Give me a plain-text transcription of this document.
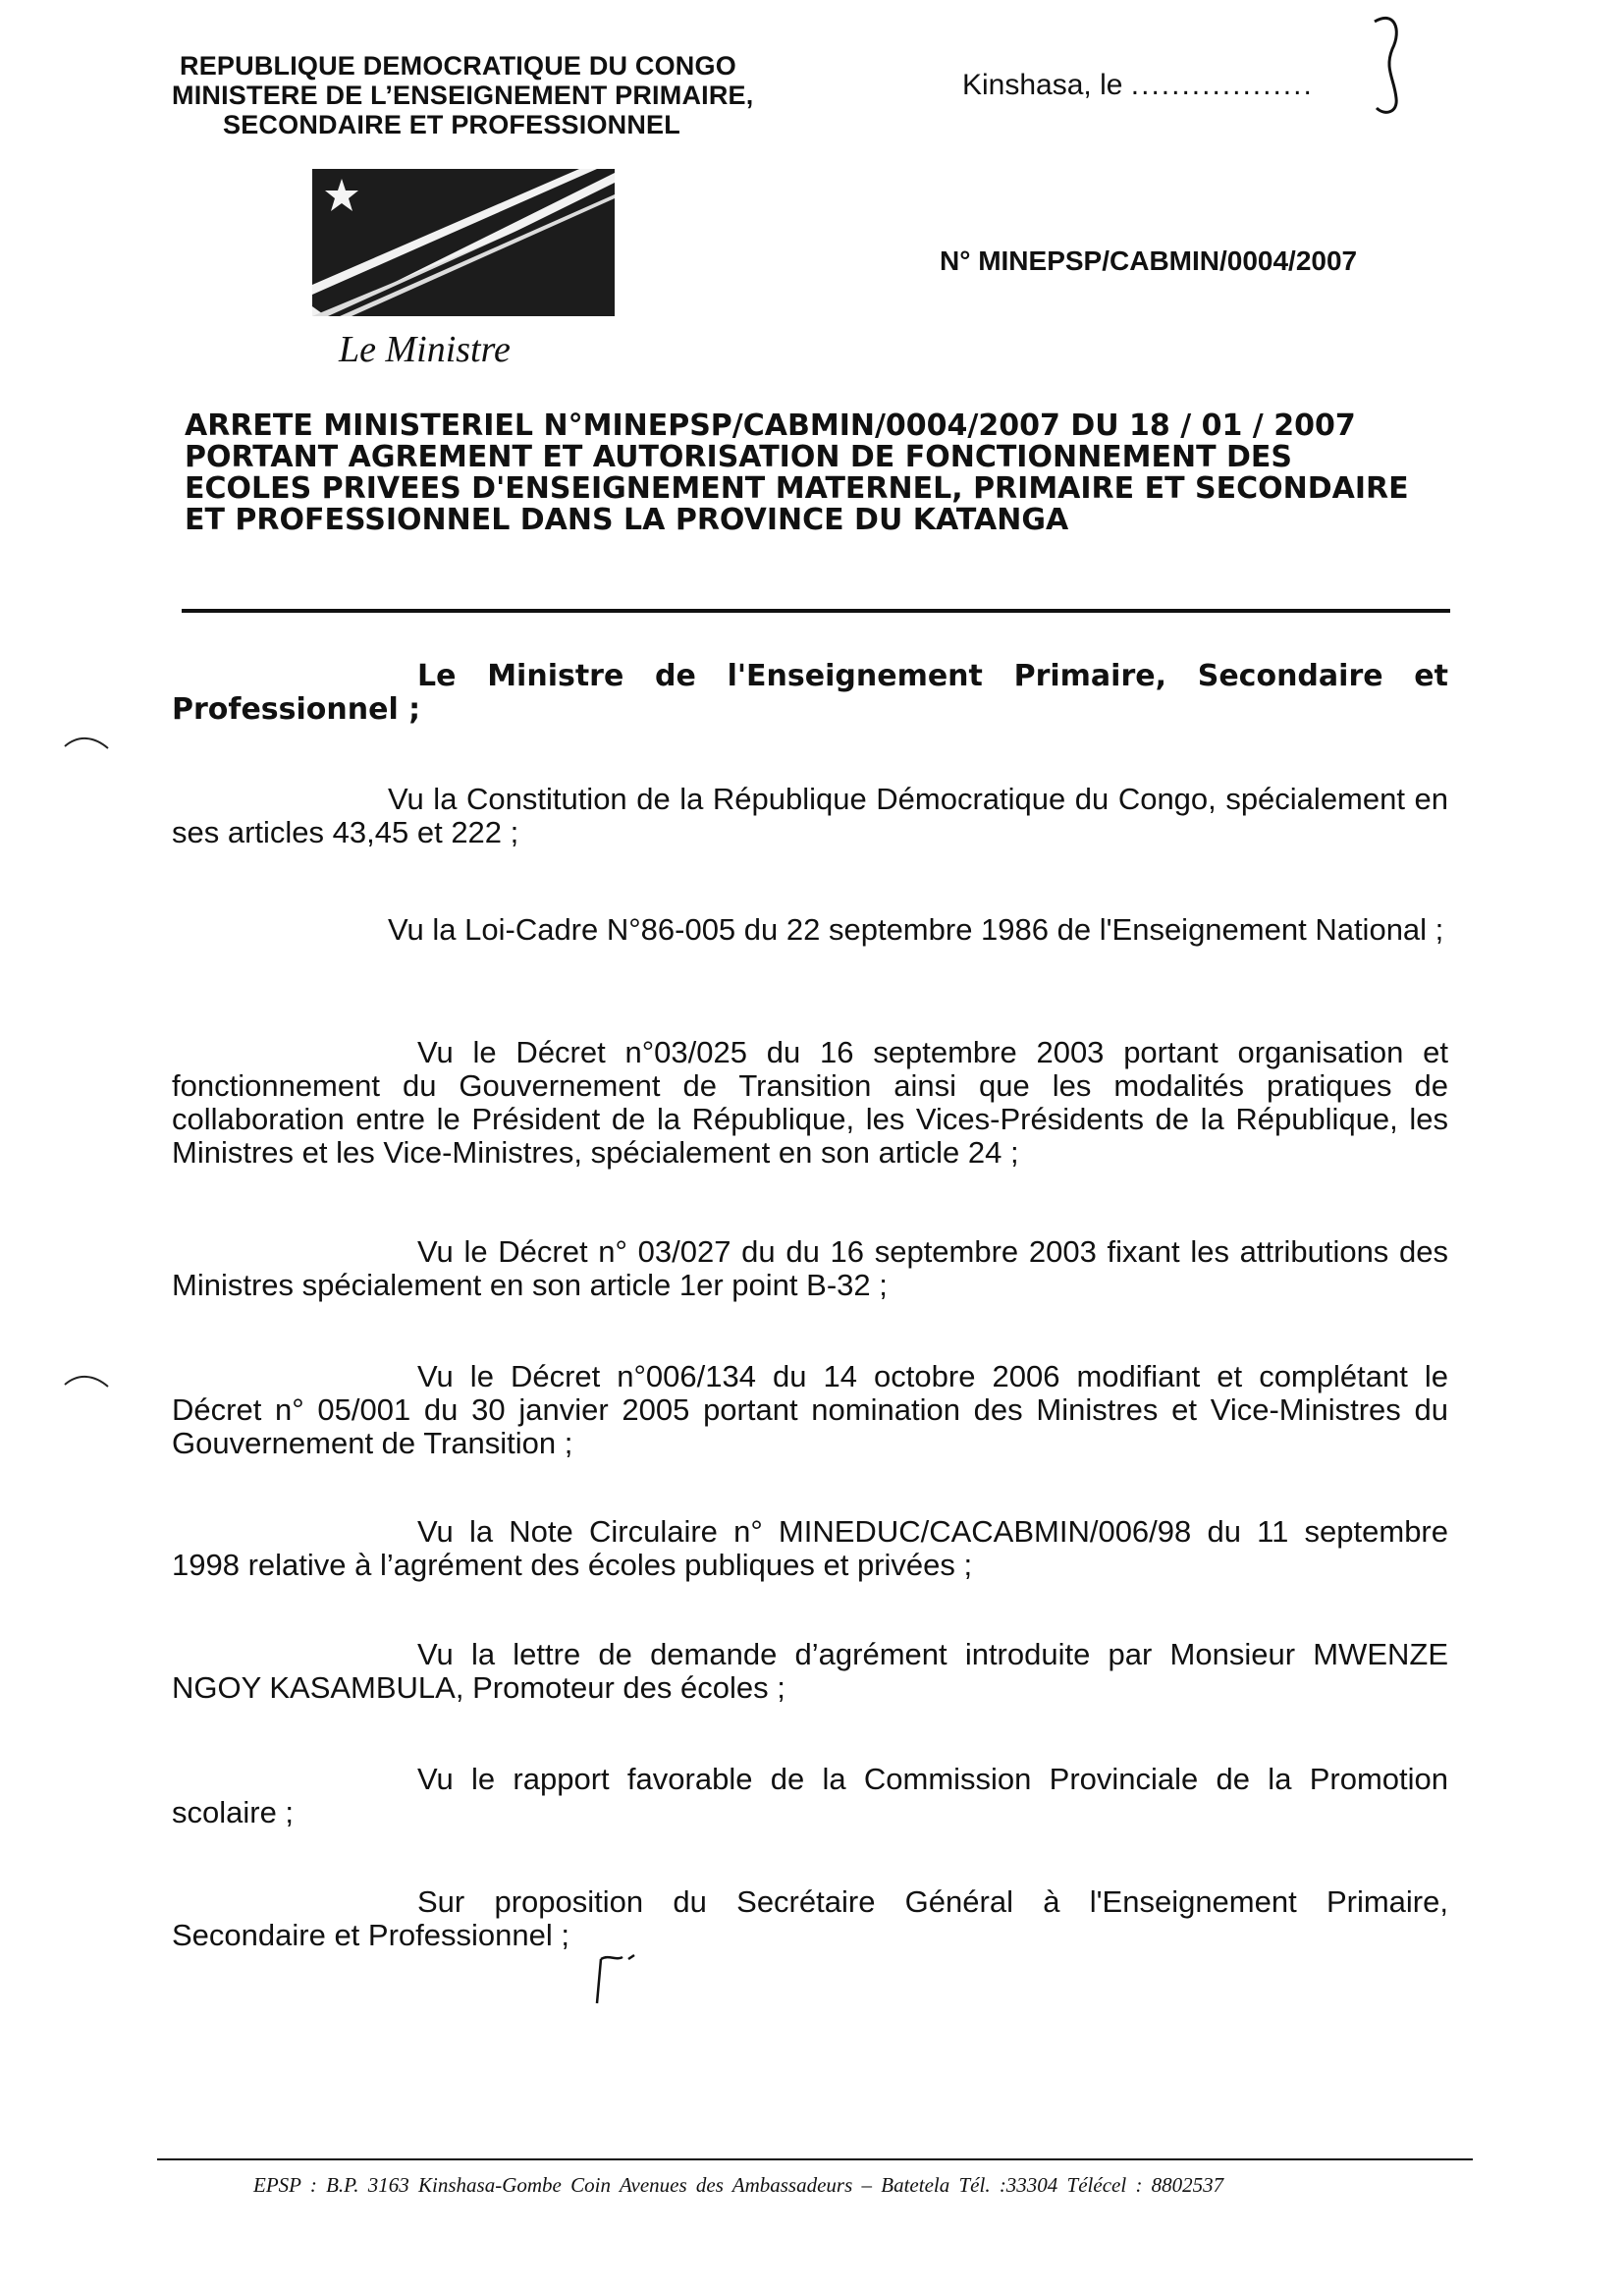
REPUBLIQUE DEMOCRATIQUE DU CONGO
MINISTERE DE L’ENSEIGNEMENT PRIMAIRE,
SECONDAIRE ET PROFESSIONNEL
Le Ministre
Kinshasa, le ..................
N° MINEPSP/CABMIN/0004/2007

ARRETE MINISTERIEL N°MINEPSP/CABMIN/0004/2007 DU 18 / 01 / 2007

PORTANT AGREMENT ET AUTORISATION DE FONCTIONNEMENT DES

ECOLES PRIVEES D'ENSEIGNEMENT MATERNEL, PRIMAIRE ET SECONDAIRE

ET PROFESSIONNEL DANS LA PROVINCE DU KATANGA

Le Ministre de l'Enseignement Primaire, Secondaire et Professionnel ;

Vu la Constitution de la République Démocratique du Congo, spécialement en ses articles 43,45 et 222 ;

Vu la Loi-Cadre N°86-005 du 22 septembre 1986 de l'Enseignement National ;

Vu le Décret n°03/025 du 16 septembre 2003 portant organisation et fonctionnement du Gouvernement de Transition ainsi que les modalités pratiques de collaboration entre le Président de la République, les Vices-Présidents de la République, les Ministres et les Vice-Ministres, spécialement en son article 24 ;

Vu le Décret n° 03/027 du du 16 septembre 2003 fixant les attributions des Ministres spécialement en son article 1er point B-32 ;

Vu le Décret n°006/134 du 14 octobre 2006 modifiant et complétant le Décret n° 05/001 du 30 janvier 2005 portant nomination des Ministres et Vice-Ministres du Gouvernement de Transition ;

Vu la Note Circulaire n° MINEDUC/CACABMIN/006/98 du 11 septembre 1998 relative à l’agrément des écoles publiques et privées ;

Vu la lettre de demande d’agrément introduite par Monsieur MWENZE NGOY KASAMBULA, Promoteur des écoles ;

Vu le rapport favorable de la Commission Provinciale de la Promotion scolaire ;

Sur proposition du Secrétaire Général à l'Enseignement Primaire, Secondaire et Professionnel ;

EPSP : B.P. 3163 Kinshasa-Gombe Coin Avenues des Ambassadeurs – Batetela Tél. :33304 Télécel : 8802537
